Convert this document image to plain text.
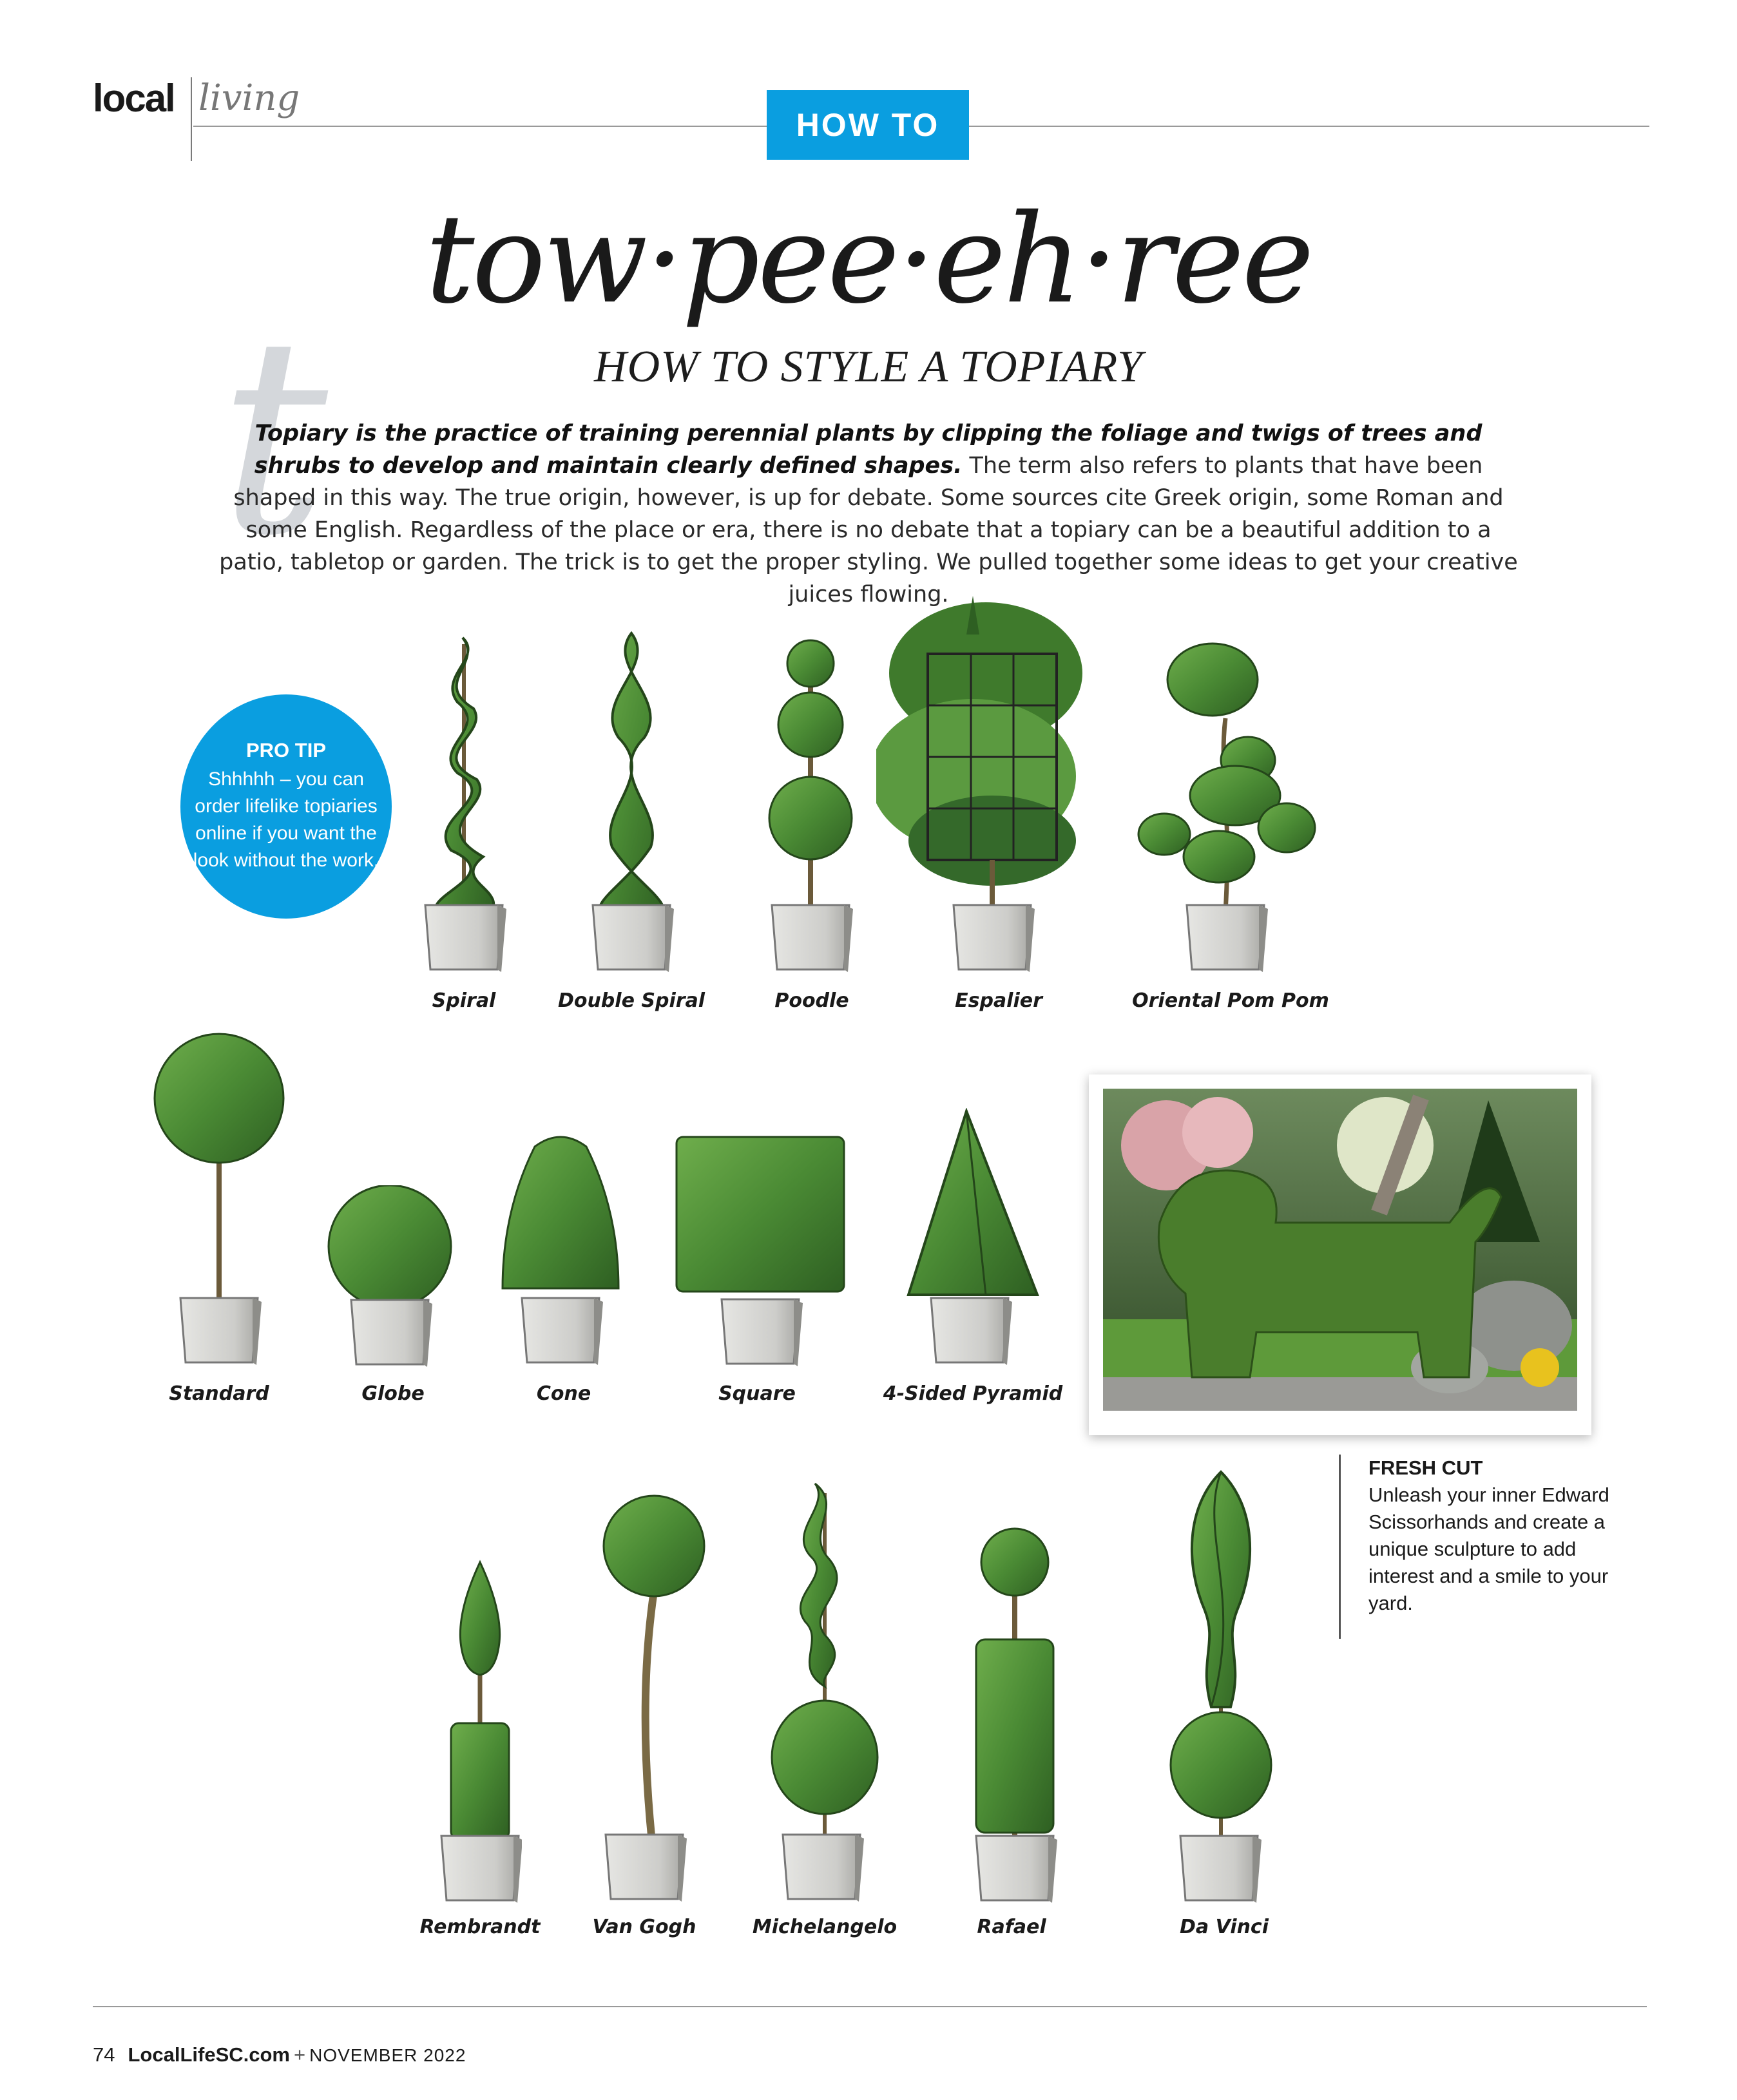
local living
HOW TO
t
tow·pee·eh·ree
HOW TO STYLE A TOPIARY
Topiary is the practice of training perennial plants by clipping the foliage and twigs of trees and shrubs to develop and maintain clearly defined shapes. The term also refers to plants that have been shaped in this way. The true origin, however, is up for debate. Some sources cite Greek origin, some Roman and some English. Regardless of the place or era, there is no debate that a topiary can be a beautiful addition to a patio, tabletop or garden. The trick is to get the proper styling. We pulled together some ideas to get your creative juices flowing.
PRO TIP
Shhhhh – you can order lifelike topiaries online if you want the look without the work.
Spiral	Double Spiral	Poodle	Espalier	Oriental Pom Pom
Standard	Globe	Cone	Square	4-Sided Pyramid
FRESH CUT
Unleash your inner Edward Scissorhands and create a unique sculpture to add interest and a smile to your yard.
Rembrandt	Van Gogh	Michelangelo	Rafael	Da Vinci
74 LocalLifeSC.com + NOVEMBER 2022
